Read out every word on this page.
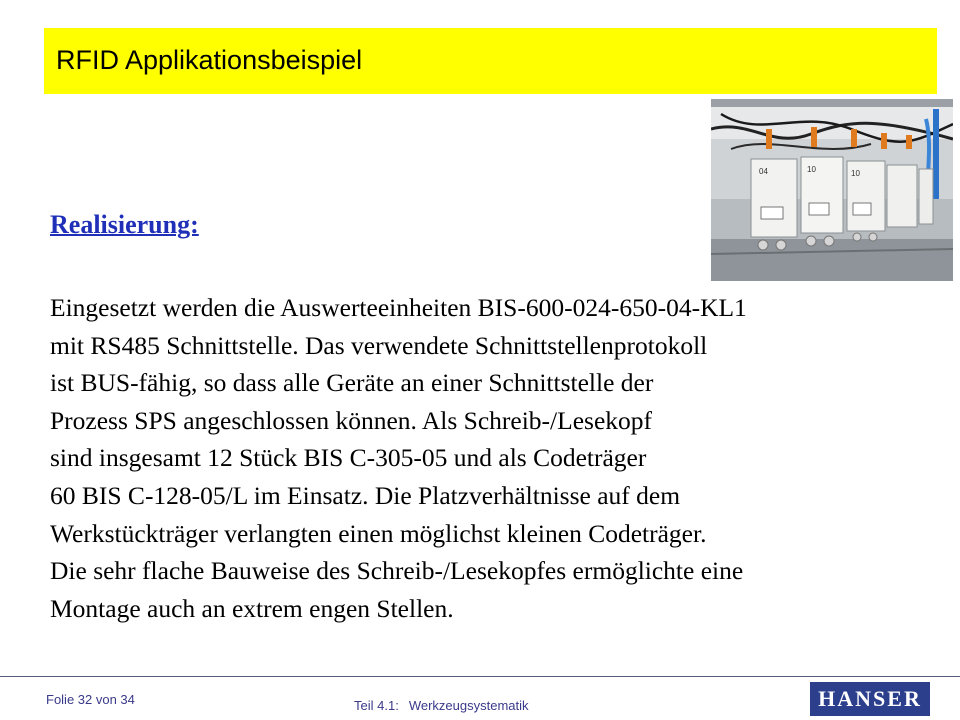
RFID Applikationsbeispiel
04	10	10
Realisierung:
Eingesetzt werden die Auswerteeinheiten BIS-600-024-650-04-KL1
mit RS485 Schnittstelle. Das verwendete Schnittstellenprotokoll
ist BUS-fähig, so dass alle Geräte an einer Schnittstelle der
Prozess SPS angeschlossen können. Als Schreib-/Lesekopf
sind insgesamt 12 Stück BIS C-305-05 und als Codeträger
60 BIS C-128-05/L im Einsatz. Die Platzverhältnisse auf dem
Werkstückträger verlangten einen möglichst kleinen Codeträger.
Die sehr flache Bauweise des Schreib-/Lesekopfes ermöglichte eine
Montage auch an extrem engen Stellen.
Folie 32 von 34	Teil 4.1: Werkzeugsystematik	HANSER
